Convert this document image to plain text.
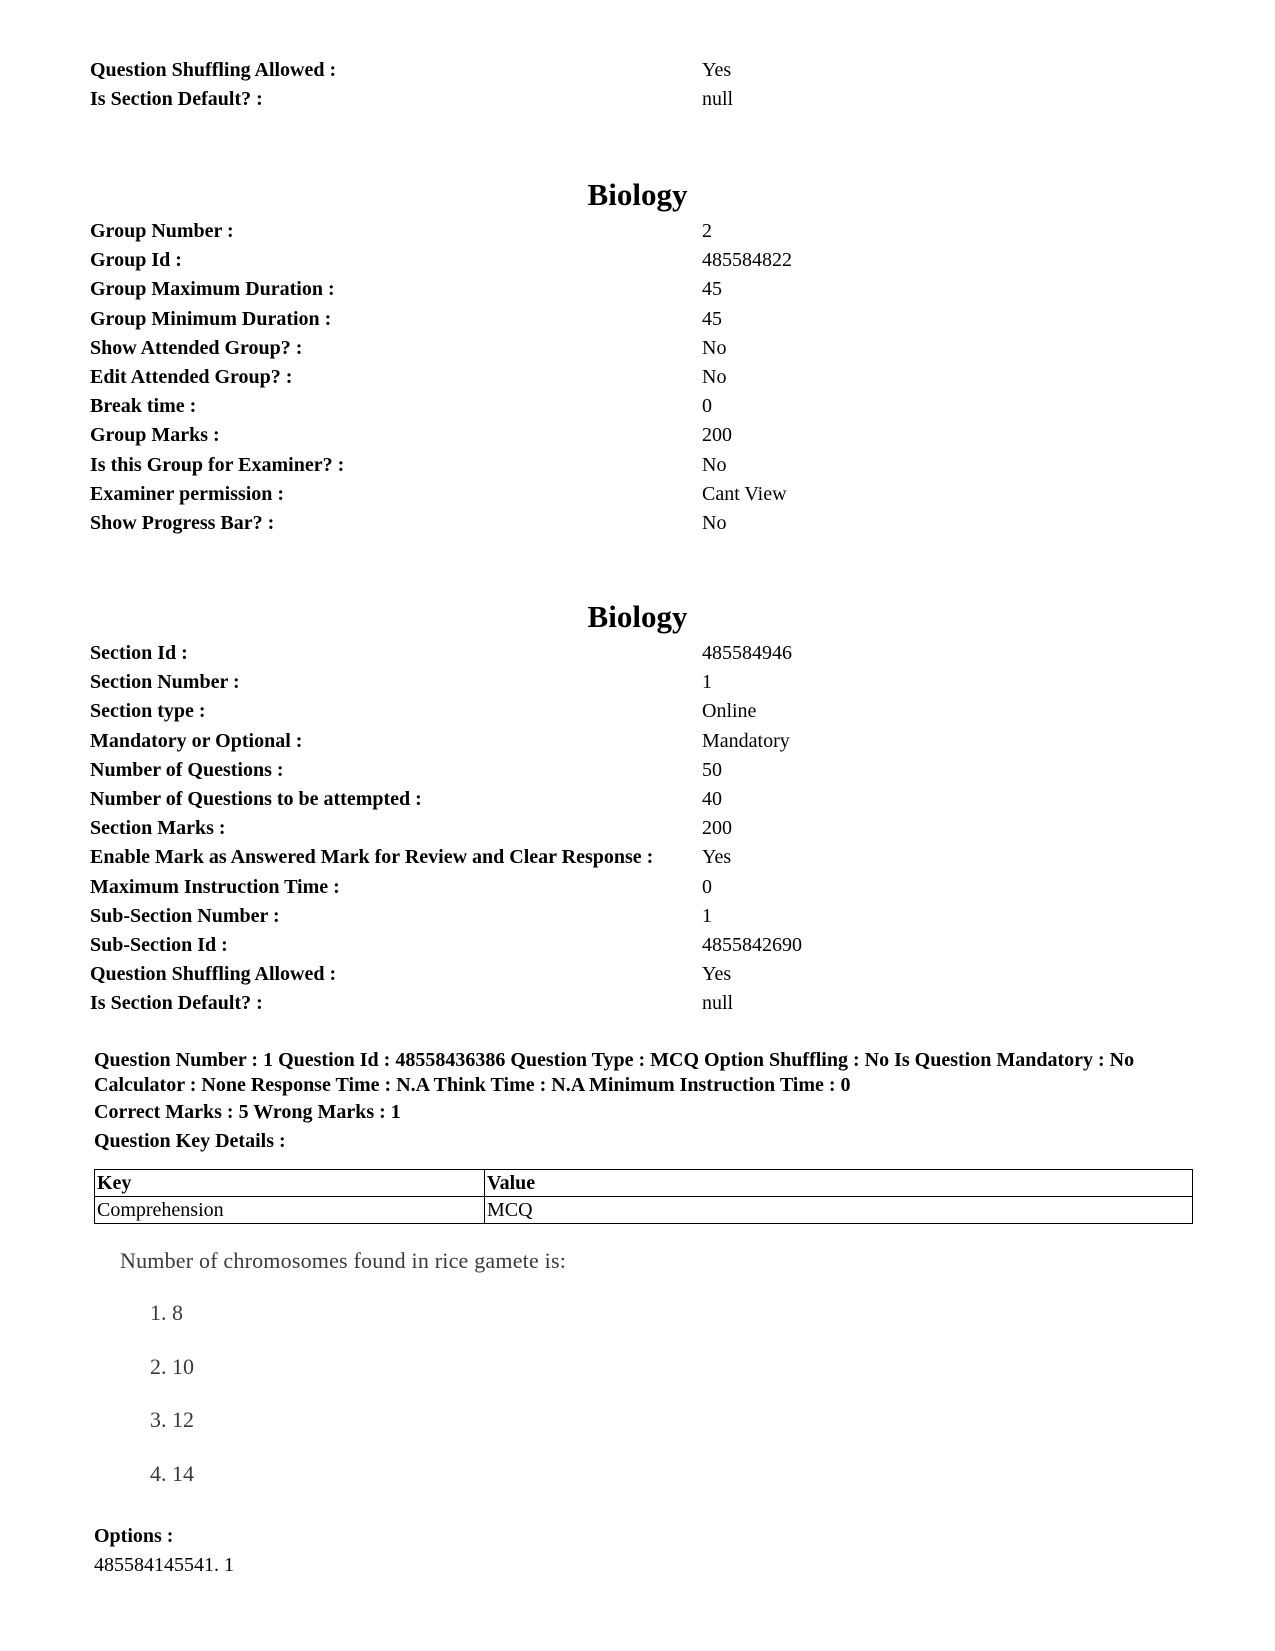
Question Shuffling Allowed :	Yes
Is Section Default? :	null
Biology
Group Number :	2
Group Id :	485584822
Group Maximum Duration :	45
Group Minimum Duration :	45
Show Attended Group? :	No
Edit Attended Group? :	No
Break time :	0
Group Marks :	200
Is this Group for Examiner? :	No
Examiner permission :	Cant View
Show Progress Bar? :	No
Biology
Section Id :	485584946
Section Number :	1
Section type :	Online
Mandatory or Optional :	Mandatory
Number of Questions :	50
Number of Questions to be attempted :	40
Section Marks :	200
Enable Mark as Answered Mark for Review and Clear Response : Yes
Maximum Instruction Time :	0
Sub-Section Number :	1
Sub-Section Id :	4855842690
Question Shuffling Allowed :	Yes
Is Section Default? :	null

Question Number : 1 Question Id : 48558436386 Question Type : MCQ Option Shuffling : No Is Question Mandatory : No Calculator : None Response Time : N.A Think Time : N.A Minimum Instruction Time : 0

Correct Marks : 5 Wrong Marks : 1
Question Key Details :
Key	Value
Comprehension	MCQ
Number of chromosomes found in rice gamete is:
1. 8
2. 10
3. 12
4. 14
Options :
485584145541. 1
